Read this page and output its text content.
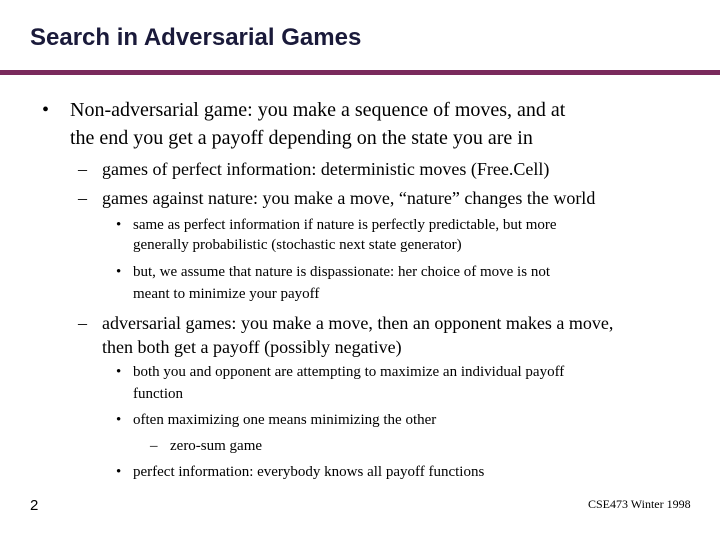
Search in Adversarial Games
• Non-adversarial game: you make a sequence of moves, and at
the end you get a payoff depending on the state you are in
– games of perfect information: deterministic moves (Free.Cell)
– games against nature: you make a move, “nature” changes the world
• same as perfect information if nature is perfectly predictable, but more
generally probabilistic (stochastic next state generator)
• but, we assume that nature is dispassionate: her choice of move is not
meant to minimize your payoff
– adversarial games: you make a move, then an opponent makes a move,
then both get a payoff (possibly negative)
• both you and opponent are attempting to maximize an individual payoff
function
• often maximizing one means minimizing the other
– zero-sum game
• perfect information: everybody knows all payoff functions
2	CSE473 Winter 1998
